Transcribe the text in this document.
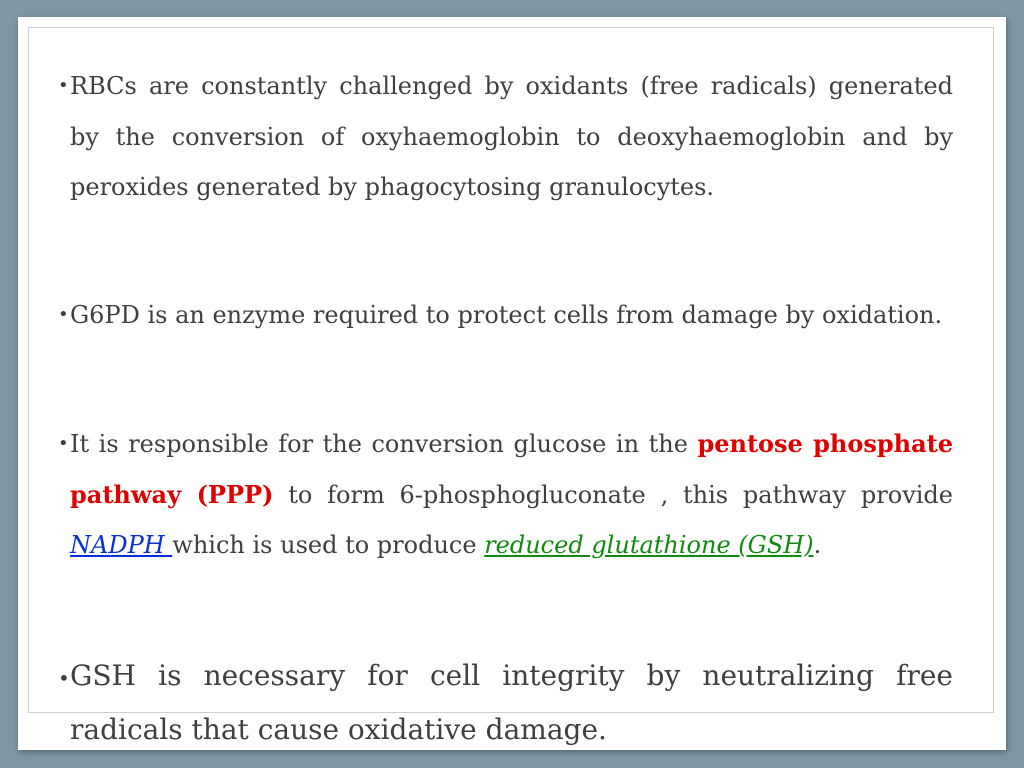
• RBCs are constantly challenged by oxidants (free radicals) generated by the conversion of oxyhaemoglobin to deoxyhaemoglobin and by peroxides generated by phagocytosing granulocytes.
• G6PD is an enzyme required to protect cells from damage by oxidation.
• It is responsible for the conversion glucose in the pentose phosphate pathway (PPP) to form 6-phosphogluconate , this pathway provide NADPH which is used to produce reduced glutathione (GSH).
• GSH is necessary for cell integrity by neutralizing free radicals that cause oxidative damage.
